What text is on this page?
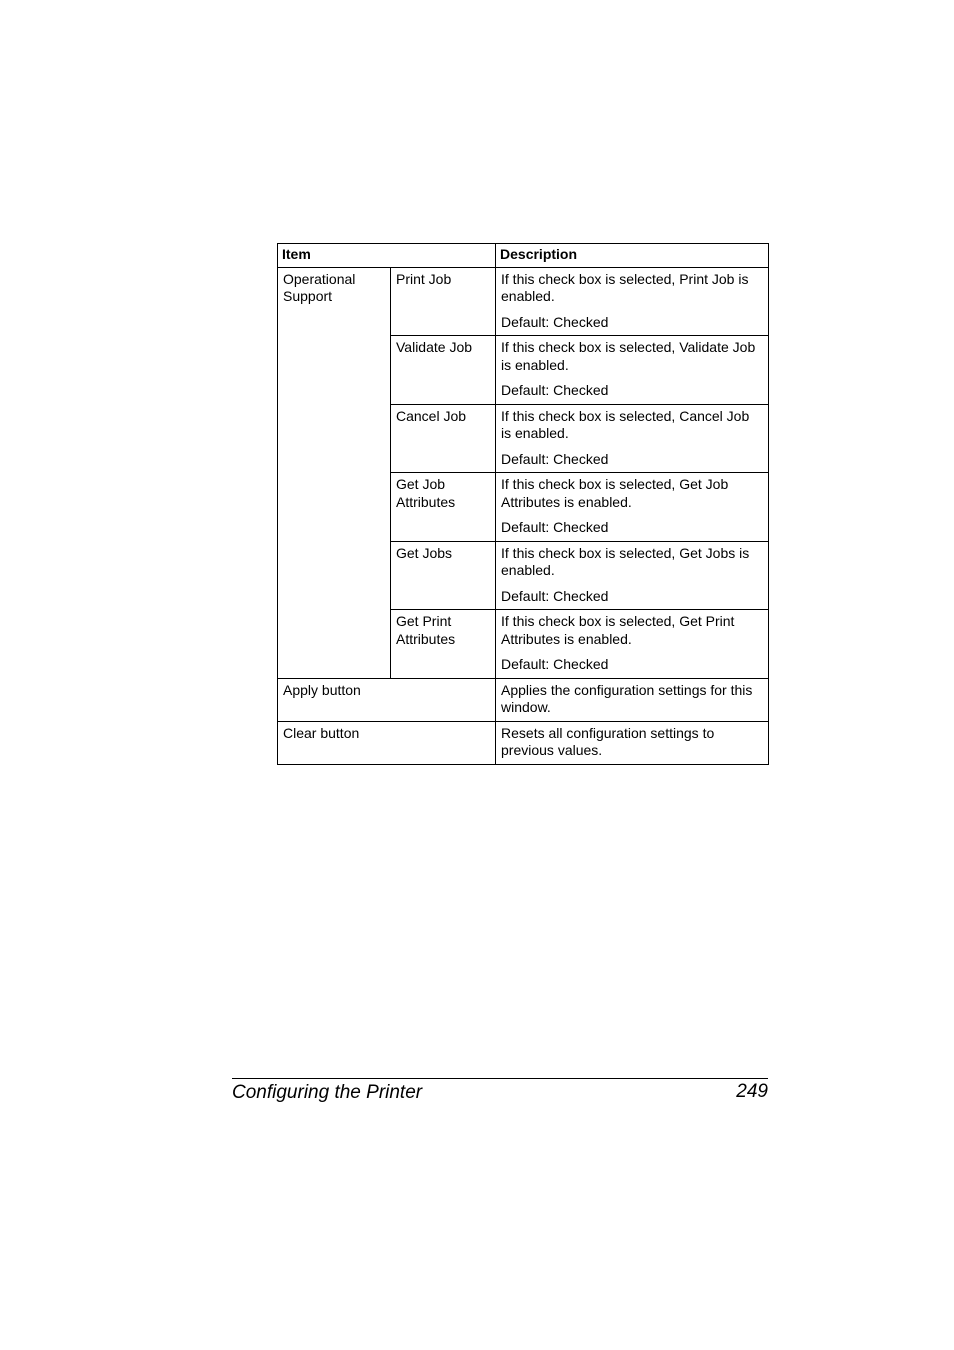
Item		Description
Operational
Support	Print Job	If this check box is selected, Print Job is enabled.
Default: Checked

	Validate Job	If this check box is selected, Validate Job is enabled.
Default: Checked

	Cancel Job	If this check box is selected, Cancel Job is enabled.
Default: Checked

	Get Job Attributes	If this check box is selected, Get Job Attributes is enabled.
Default: Checked

	Get Jobs	If this check box is selected, Get Jobs is enabled.
Default: Checked

	Get Print Attributes	If this check box is selected, Get Print Attributes is enabled.
Default: Checked

Apply button		Applies the configuration settings for this window.
Clear button		Resets all configuration settings to previous values.
Configuring the Printer	249
